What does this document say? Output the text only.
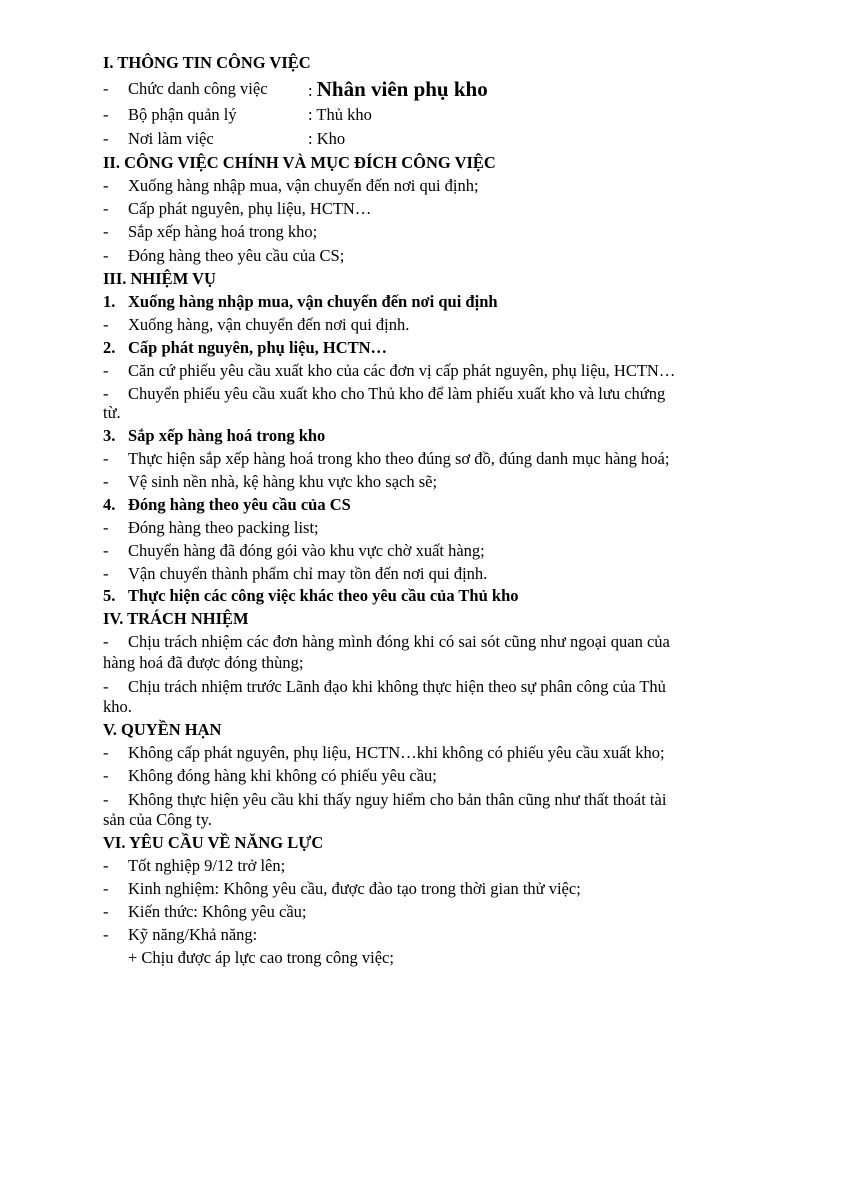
I. THÔNG TIN CÔNG VIỆC
- Chức danh công việc : Nhân viên phụ kho
- Bộ phận quản lý	: Thủ kho
- Nơi làm việc	: Kho
II. CÔNG VIỆC CHÍNH VÀ MỤC ĐÍCH CÔNG VIỆC
- Xuống hàng nhập mua, vận chuyển đến nơi qui định;
- Cấp phát nguyên, phụ liệu, HCTN…
- Sắp xếp hàng hoá trong kho;
- Đóng hàng theo yêu cầu của CS;
III. NHIỆM VỤ
1. Xuống hàng nhập mua, vận chuyển đến nơi qui định
- Xuống hàng, vận chuyển đến nơi qui định.
2. Cấp phát nguyên, phụ liệu, HCTN…
- Căn cứ phiếu yêu cầu xuất kho của các đơn vị cấp phát nguyên, phụ liệu, HCTN…
- Chuyển phiếu yêu cầu xuất kho cho Thủ kho để làm phiếu xuất kho và lưu chứng
từ.
3. Sắp xếp hàng hoá trong kho
- Thực hiện sắp xếp hàng hoá trong kho theo đúng sơ đồ, đúng danh mục hàng hoá;
- Vệ sinh nền nhà, kệ hàng khu vực kho sạch sẽ;
4. Đóng hàng theo yêu cầu của CS
- Đóng hàng theo packing list;
- Chuyển hàng đã đóng gói vào khu vực chờ xuất hàng;
- Vận chuyển thành phẩm chỉ may tồn đến nơi qui định.
5. Thực hiện các công việc khác theo yêu cầu của Thủ kho
IV. TRÁCH NHIỆM
- Chịu trách nhiệm các đơn hàng mình đóng khi có sai sót cũng như ngoại quan của
hàng hoá đã được đóng thùng;
- Chịu trách nhiệm trước Lãnh đạo khi không thực hiện theo sự phân công của Thủ
kho.
V. QUYỀN HẠN
- Không cấp phát nguyên, phụ liệu, HCTN…khi không có phiếu yêu cầu xuất kho;
- Không đóng hàng khi không có phiếu yêu cầu;
- Không thực hiện yêu cầu khi thấy nguy hiểm cho bản thân cũng như thất thoát tài
sản của Công ty.
VI. YÊU CẦU VỀ NĂNG LỰC
- Tốt nghiệp 9/12 trở lên;
- Kinh nghiệm: Không yêu cầu, được đào tạo trong thời gian thử việc;
- Kiến thức: Không yêu cầu;
- Kỹ năng/Khả năng:
+ Chịu được áp lực cao trong công việc;
